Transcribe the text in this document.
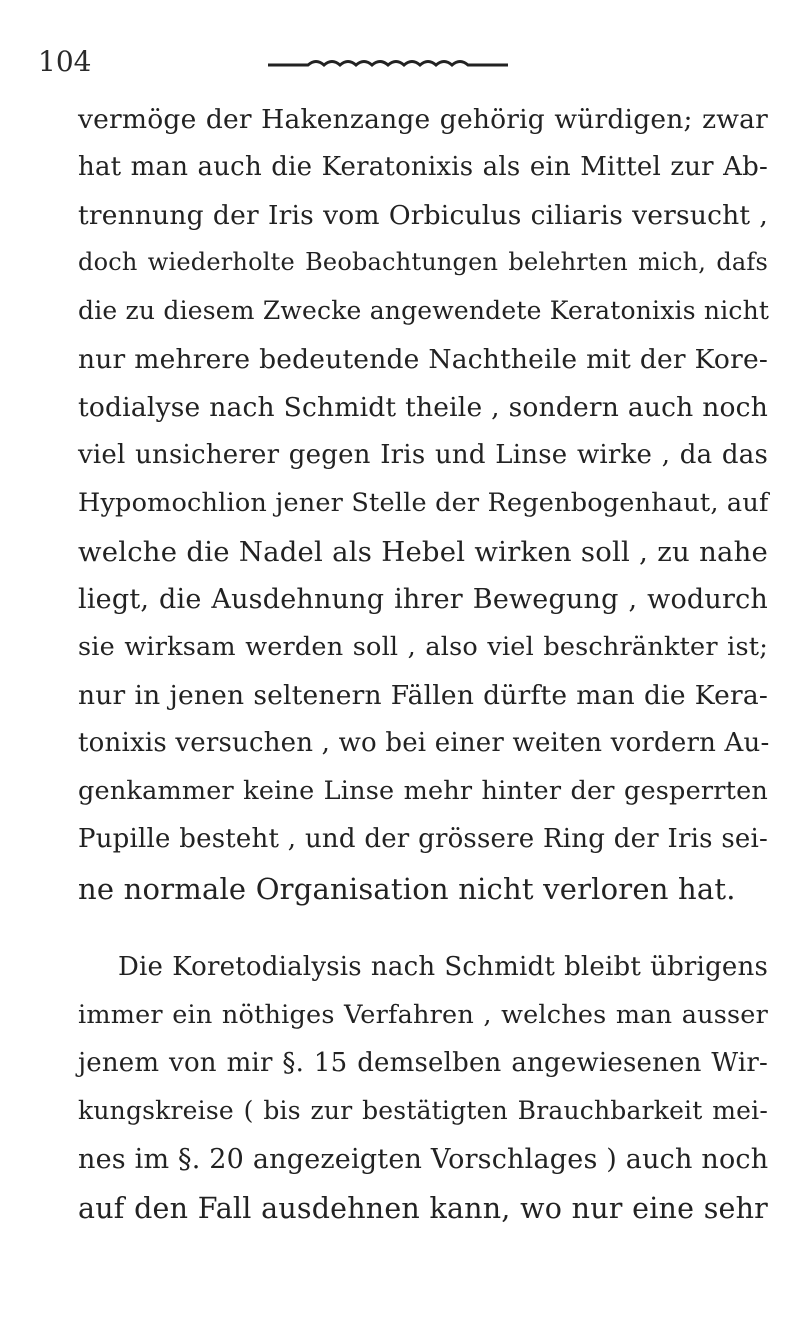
104
vermöge der Hakenzange gehörig würdigen; zwar
hat man auch die Keratonixis als ein Mittel zur Ab-
trennung der Iris vom Orbiculus ciliaris versucht ,
doch wiederholte Beobachtungen belehrten mich, dafs
die zu diesem Zwecke angewendete Keratonixis nicht
nur mehrere bedeutende Nachtheile mit der Kore-
todialyse nach Schmidt theile , sondern auch noch
viel unsicherer gegen Iris und Linse wirke , da das
Hypomochlion jener Stelle der Regenbogenhaut, auf
welche die Nadel als Hebel wirken soll , zu nahe
liegt, die Ausdehnung ihrer Bewegung , wodurch
sie wirksam werden soll , also viel beschränkter ist;
nur in jenen seltenern Fällen dürfte man die Kera-
tonixis versuchen , wo bei einer weiten vordern Au-
genkammer keine Linse mehr hinter der gesperrten
Pupille besteht , und der grössere Ring der Iris sei-
ne normale Organisation nicht verloren hat.
Die Koretodialysis nach Schmidt bleibt übrigens
immer ein nöthiges Verfahren , welches man ausser
jenem von mir §. 15 demselben angewiesenen Wir-
kungskreise ( bis zur bestätigten Brauchbarkeit mei-
nes im §. 20 angezeigten Vorschlages ) auch noch
auf den Fall ausdehnen kann, wo nur eine sehr
